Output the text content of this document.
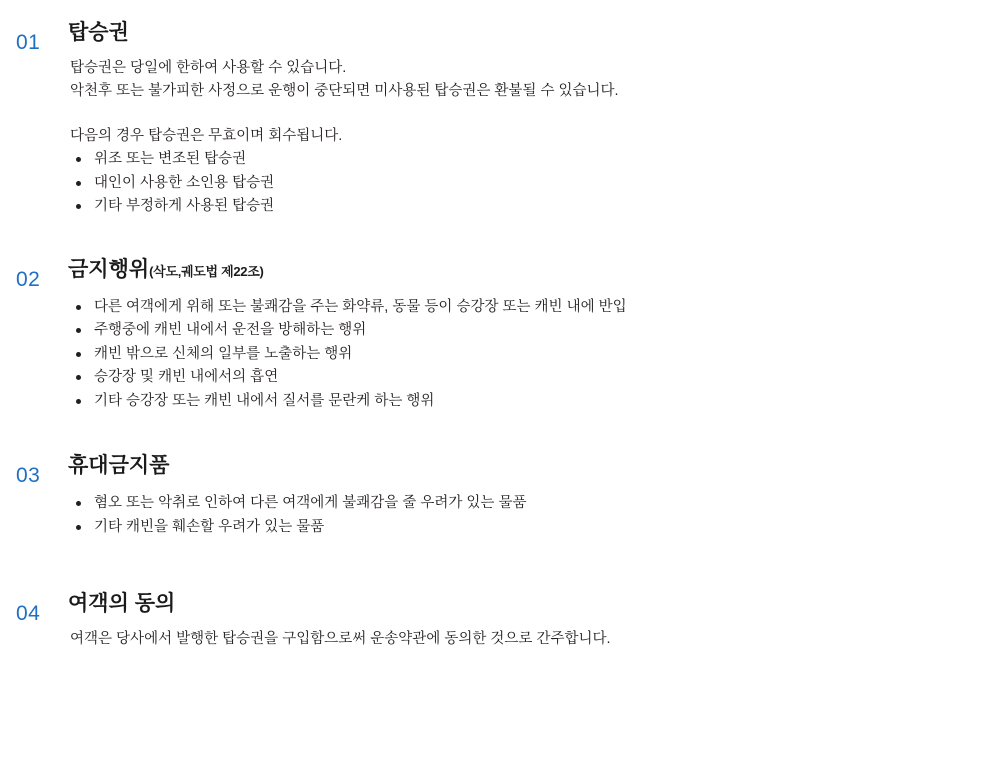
01	탑승권

탑승권은 당일에 한하여 사용할 수 있습니다.

악천후 또는 불가피한 사정으로 운행이 중단되면 미사용된 탑승권은 환불될 수 있습니다.

다음의 경우 탑승권은 무효이며 회수됩니다.

위조 또는 변조된 탑승권
대인이 사용한 소인용 탑승권
기타 부정하게 사용된 탑승권
02	금지행위(삭도,궤도법 제22조)
다른 여객에게 위해 또는 불쾌감을 주는 화약류, 동물 등이 승강장 또는 캐빈 내에 반입
주행중에 캐빈 내에서 운전을 방해하는 행위
캐빈 밖으로 신체의 일부를 노출하는 행위
승강장 및 캐빈 내에서의 흡연
기타 승강장 또는 캐빈 내에서 질서를 문란케 하는 행위
03	휴대금지품
혐오 또는 악취로 인하여 다른 여객에게 불쾌감을 줄 우려가 있는 물품
기타 캐빈을 훼손할 우려가 있는 물품
04	여객의 동의

여객은 당사에서 발행한 탑승권을 구입함으로써 운송약관에 동의한 것으로 간주합니다.
